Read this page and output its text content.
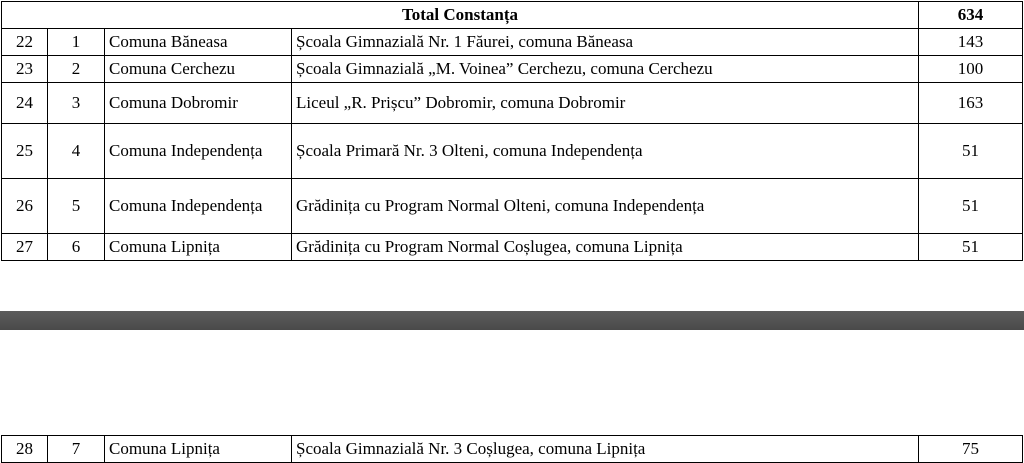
Total Constanța				634
22	1	Comuna Băneasa	Școala Gimnazială Nr. 1 Făurei, comuna Băneasa	143
23	2	Comuna Cerchezu	Școala Gimnazială „M. Voinea” Cerchezu, comuna Cerchezu	100
24	3	Comuna Dobromir	Liceul „R. Prișcu” Dobromir, comuna Dobromir	163
25	4	Comuna Independența	Școala Primară Nr. 3 Olteni, comuna Independența	51
26	5	Comuna Independența	Grădinița cu Program Normal Olteni, comuna Independența	51
27	6	Comuna Lipnița	Grădinița cu Program Normal Coșlugea, comuna Lipnița	51
28	7	Comuna Lipnița	Școala Gimnazială Nr. 3 Coșlugea, comuna Lipnița	75
